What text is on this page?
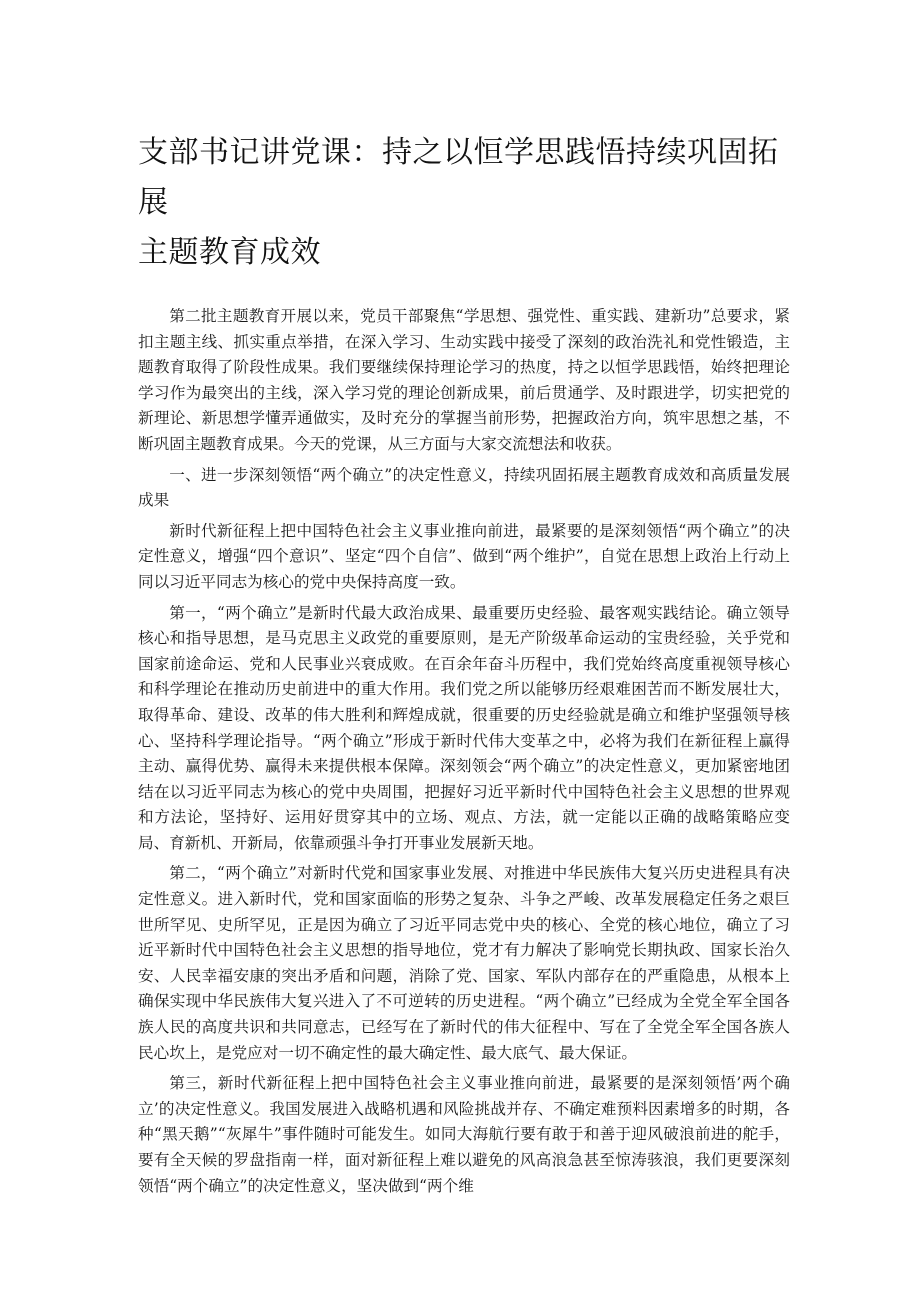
支部书记讲党课：持之以恒学思践悟持续巩固拓展
主题教育成效

第二批主题教育开展以来，党员干部聚焦“学思想、强党性、重实践、建新功”总要求，紧扣主题主线、抓实重点举措，在深入学习、生动实践中接受了深刻的政治洗礼和党性锻造，主题教育取得了阶段性成果。我们要继续保持理论学习的热度，持之以恒学思践悟，始终把理论学习作为最突出的主线，深入学习党的理论创新成果，前后贯通学、及时跟进学，切实把党的新理论、新思想学懂弄通做实，及时充分的掌握当前形势，把握政治方向，筑牢思想之基，不断巩固主题教育成果。今天的党课，从三方面与大家交流想法和收获。

一、进一步深刻领悟“两个确立”的决定性意义，持续巩固拓展主题教育成效和高质量发展成果

新时代新征程上把中国特色社会主义事业推向前进，最紧要的是深刻领悟“两个确立”的决定性意义，增强“四个意识”、坚定“四个自信”、做到“两个维护”，自觉在思想上政治上行动上同以习近平同志为核心的党中央保持高度一致。

第一，“两个确立”是新时代最大政治成果、最重要历史经验、最客观实践结论。确立领导核心和指导思想，是马克思主义政党的重要原则，是无产阶级革命运动的宝贵经验，关乎党和国家前途命运、党和人民事业兴衰成败。在百余年奋斗历程中，我们党始终高度重视领导核心和科学理论在推动历史前进中的重大作用。我们党之所以能够历经艰难困苦而不断发展壮大，取得革命、建设、改革的伟大胜利和辉煌成就，很重要的历史经验就是确立和维护坚强领导核心、坚持科学理论指导。“两个确立”形成于新时代伟大变革之中，必将为我们在新征程上赢得主动、赢得优势、赢得未来提供根本保障。深刻领会“两个确立”的决定性意义，更加紧密地团结在以习近平同志为核心的党中央周围，把握好习近平新时代中国特色社会主义思想的世界观和方法论，坚持好、运用好贯穿其中的立场、观点、方法，就一定能以正确的战略策略应变局、育新机、开新局，依靠顽强斗争打开事业发展新天地。

第二，“两个确立”对新时代党和国家事业发展、对推进中华民族伟大复兴历史进程具有决定性意义。进入新时代，党和国家面临的形势之复杂、斗争之严峻、改革发展稳定任务之艰巨世所罕见、史所罕见，正是因为确立了习近平同志党中央的核心、全党的核心地位，确立了习近平新时代中国特色社会主义思想的指导地位，党才有力解决了影响党长期执政、国家长治久安、人民幸福安康的突出矛盾和问题，消除了党、国家、军队内部存在的严重隐患，从根本上确保实现中华民族伟大复兴进入了不可逆转的历史进程。“两个确立”已经成为全党全军全国各族人民的高度共识和共同意志，已经写在了新时代的伟大征程中、写在了全党全军全国各族人民心坎上，是党应对一切不确定性的最大确定性、最大底气、最大保证。

第三，新时代新征程上把中国特色社会主义事业推向前进，最紧要的是深刻领悟’两个确立’的决定性意义。我国发展进入战略机遇和风险挑战并存、不确定难预料因素增多的时期，各种“黑天鹅”“灰犀牛”事件随时可能发生。如同大海航行要有敢于和善于迎风破浪前进的舵手，要有全天候的罗盘指南一样，面对新征程上难以避免的风高浪急甚至惊涛骇浪，我们更要深刻领悟“两个确立”的决定性意义，坚决做到“两个维
